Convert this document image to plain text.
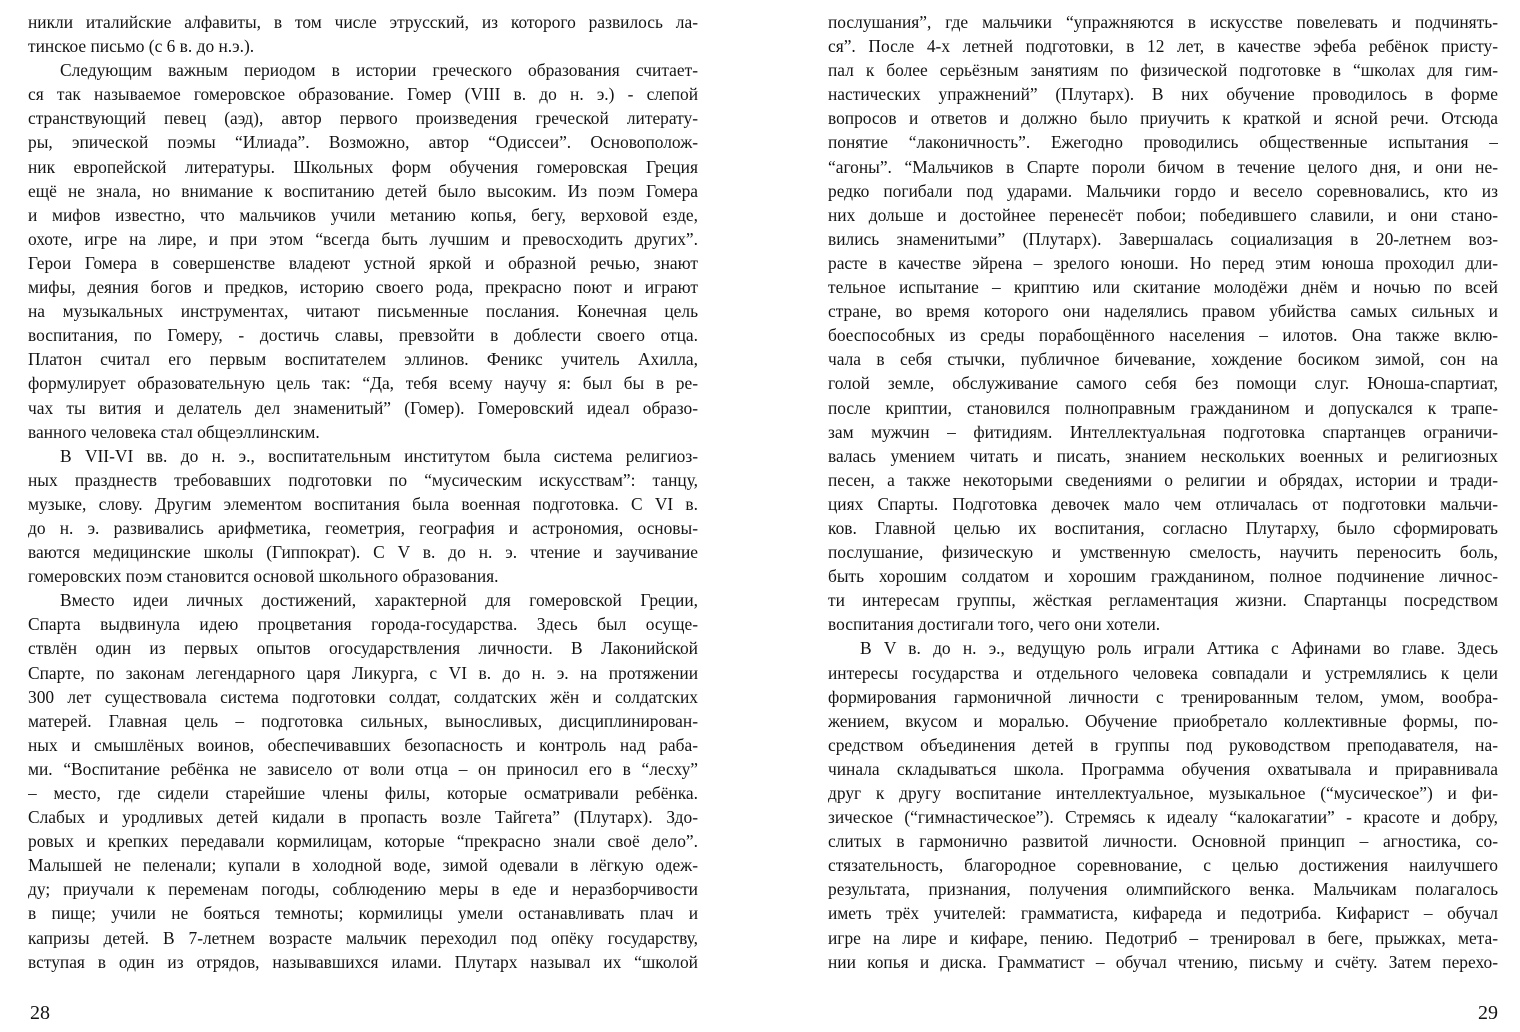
никли италийские алфавиты, в том числе этрусский, из которого развилось ла-
тинское письмо (с 6 в. до н.э.).
Следующим важным периодом в истории греческого образования считает-
ся так называемое гомеровское образование. Гомер (VIII в. до н. э.) - слепой
странствующий певец (аэд), автор первого произведения греческой литерату-
ры, эпической поэмы “Илиада”. Возможно, автор “Одиссеи”. Основополож-
ник европейской литературы. Школьных форм обучения гомеровская Греция
ещё не знала, но внимание к воспитанию детей было высоким. Из поэм Гомера
и мифов известно, что мальчиков учили метанию копья, бегу, верховой езде,
охоте, игре на лире, и при этом “всегда быть лучшим и превосходить других”.
Герои Гомера в совершенстве владеют устной яркой и образной речью, знают
мифы, деяния богов и предков, историю своего рода, прекрасно поют и играют
на музыкальных инструментах, читают письменные послания. Конечная цель
воспитания, по Гомеру, - достичь славы, превзойти в доблести своего отца.
Платон считал его первым воспитателем эллинов. Феникс учитель Ахилла,
формулирует образовательную цель так: “Да, тебя всему научу я: был бы в ре-
чах ты вития и делатель дел знаменитый” (Гомер). Гомеровский идеал образо-
ванного человека стал общеэллинским.
В VII-VI вв. до н. э., воспитательным институтом была система религиоз-
ных празднеств требовавших подготовки по “мусическим искусствам”: танцу,
музыке, слову. Другим элементом воспитания была военная подготовка. С VI в.
до н. э. развивались арифметика, геометрия, география и астрономия, основы-
ваются медицинские школы (Гиппократ). С V в. до н. э. чтение и заучивание
гомеровских поэм становится основой школьного образования.
Вместо идеи личных достижений, характерной для гомеровской Греции,
Спарта выдвинула идею процветания города-государства. Здесь был осуще-
ствлён один из первых опытов огосударствления личности. В Лаконийской
Спарте, по законам легендарного царя Ликурга, с VI в. до н. э. на протяжении
300 лет существовала система подготовки солдат, солдатских жён и солдатских
матерей. Главная цель – подготовка сильных, выносливых, дисциплинирован-
ных и смышлёных воинов, обеспечивавших безопасность и контроль над раба-
ми. “Воспитание ребёнка не зависело от воли отца – он приносил его в “лесху”
– место, где сидели старейшие члены филы, которые осматривали ребёнка.
Слабых и уродливых детей кидали в пропасть возле Тайгета” (Плутарх). Здо-
ровых и крепких передавали кормилицам, которые “прекрасно знали своё дело”.
Малышей не пеленали; купали в холодной воде, зимой одевали в лёгкую одеж-
ду; приучали к переменам погоды, соблюдению меры в еде и неразборчивости
в пище; учили не бояться темноты; кормилицы умели останавливать плач и
капризы детей. В 7-летнем возрасте мальчик переходил под опёку государству,
вступая в один из отрядов, называвшихся илами. Плутарх называл их “школой
28
послушания”, где мальчики “упражняются в искусстве повелевать и подчинять-
ся”. После 4-х летней подготовки, в 12 лет, в качестве эфеба ребёнок присту-
пал к более серьёзным занятиям по физической подготовке в “школах для гим-
настических упражнений” (Плутарх). В них обучение проводилось в форме
вопросов и ответов и должно было приучить к краткой и ясной речи. Отсюда
понятие “лаконичность”. Ежегодно проводились общественные испытания –
“агоны”. “Мальчиков в Спарте пороли бичом в течение целого дня, и они не-
редко погибали под ударами. Мальчики гордо и весело соревновались, кто из
них дольше и достойнее перенесёт побои; победившего славили, и они стано-
вились знаменитыми” (Плутарх). Завершалась социализация в 20-летнем воз-
расте в качестве эйрена – зрелого юноши. Но перед этим юноша проходил дли-
тельное испытание – криптию или скитание молодёжи днём и ночью по всей
стране, во время которого они наделялись правом убийства самых сильных и
боеспособных из среды порабощённого населения – илотов. Она также вклю-
чала в себя стычки, публичное бичевание, хождение босиком зимой, сон на
голой земле, обслуживание самого себя без помощи слуг. Юноша-спартиат,
после криптии, становился полноправным гражданином и допускался к трапе-
зам мужчин – фитидиям. Интеллектуальная подготовка спартанцев ограничи-
валась умением читать и писать, знанием нескольких военных и религиозных
песен, а также некоторыми сведениями о религии и обрядах, истории и тради-
циях Спарты. Подготовка девочек мало чем отличалась от подготовки мальчи-
ков. Главной целью их воспитания, согласно Плутарху, было сформировать
послушание, физическую и умственную смелость, научить переносить боль,
быть хорошим солдатом и хорошим гражданином, полное подчинение личнос-
ти интересам группы, жёсткая регламентация жизни. Спартанцы посредством
воспитания достигали того, чего они хотели.
В V в. до н. э., ведущую роль играли Аттика с Афинами во главе. Здесь
интересы государства и отдельного человека совпадали и устремлялись к цели
формирования гармоничной личности с тренированным телом, умом, вообра-
жением, вкусом и моралью. Обучение приобретало коллективные формы, по-
средством объединения детей в группы под руководством преподавателя, на-
чинала складываться школа. Программа обучения охватывала и приравнивала
друг к другу воспитание интеллектуальное, музыкальное (“мусическое”) и фи-
зическое (“гимнастическое”). Стремясь к идеалу “калокагатии” - красоте и добру,
слитых в гармонично развитой личности. Основной принцип – агностика, со-
стязательность, благородное соревнование, с целью достижения наилучшего
результата, признания, получения олимпийского венка. Мальчикам полагалось
иметь трёх учителей: грамматиста, кифареда и педотриба. Кифарист – обучал
игре на лире и кифаре, пению. Педотриб – тренировал в беге, прыжках, мета-
нии копья и диска. Грамматист – обучал чтению, письму и счёту. Затем перехо-
29
